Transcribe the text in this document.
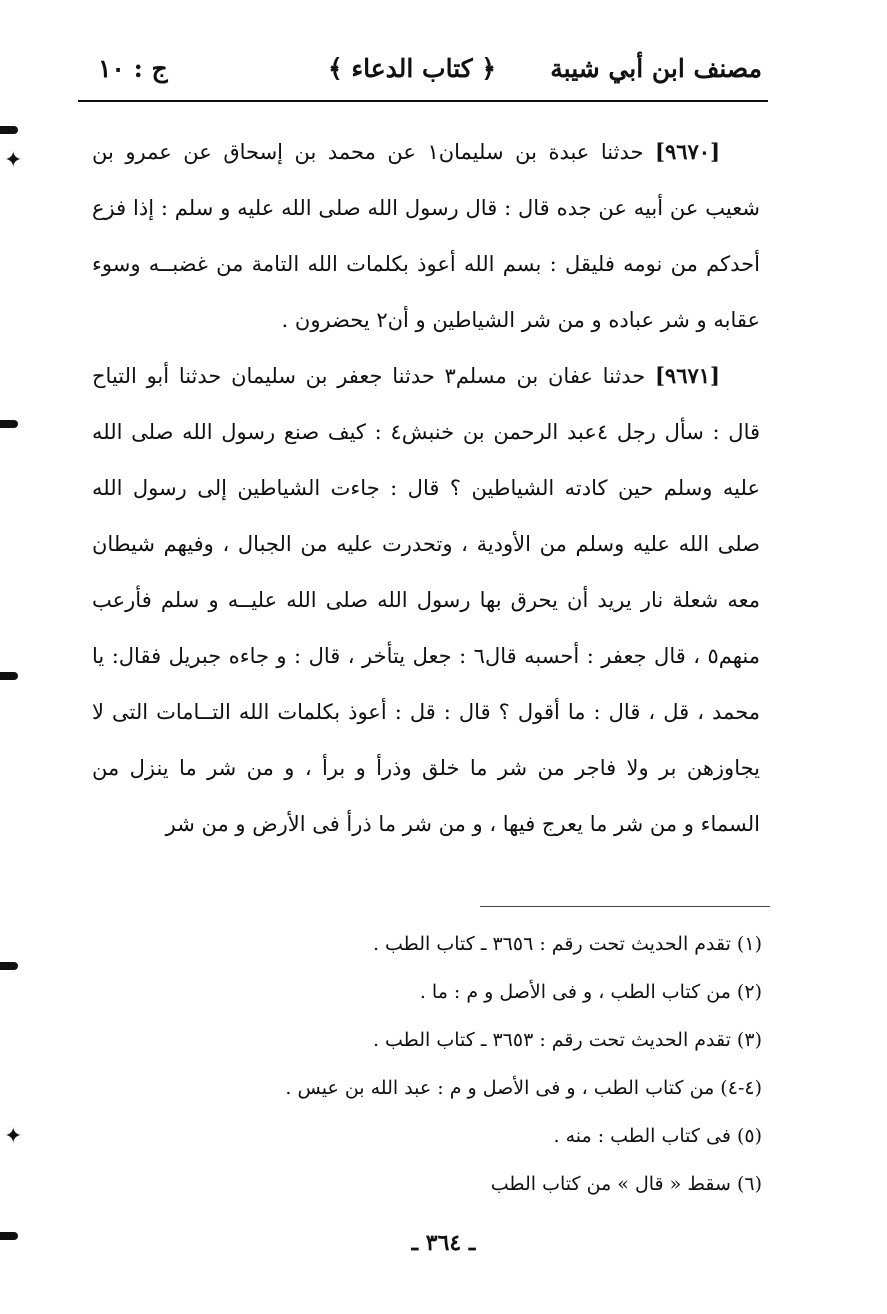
مصنف ابن أبي شيبة
﴿ كتاب الدعاء ﴾
ج : ١٠

[٩٦٧٠] حدثنا عبدة بن سليمان١ عن محمد بن إسحاق عن عمرو بن شعيب عن أبيه عن جده قال : قال رسول الله صلى الله عليه و سلم : إذا فزع أحدكم من نومه فليقل : بسم الله أعوذ بكلمات الله التامة من غضبــه وسوء عقابه و شر عباده و من شر الشياطين و أن٢ يحضرون .

[٩٦٧١] حدثنا عفان بن مسلم٣ حدثنا جعفر بن سليمان حدثنا أبو التياح قال : سأل رجل ٤عبد الرحمن بن خنبش٤ : كيف صنع رسول الله صلى الله عليه وسلم حين كادته الشياطين ؟ قال : جاءت الشياطين إلى رسول الله صلى الله عليه وسلم من الأودية ، وتحدرت عليه من الجبال ، وفيهم شيطان معه شعلة نار يريد أن يحرق بها رسول الله صلى الله عليــه و سلم فأرعب منهم٥ ، قال جعفر : أحسبه قال٦ : جعل يتأخر ، قال : و جاءه جبريل فقال: يا محمد ، قل ، قال : ما أقول ؟ قال : قل : أعوذ بكلمات الله التــامات التى لا يجاوزهن بر ولا فاجر من شر ما خلق وذرأ و برأ ، و من شر ما ينزل من السماء و من شر ما يعرج فيها ، و من شر ما ذرأ فى الأرض و من شر

(١) تقدم الحديث تحت رقم : ٣٦٥٦ ـ كتاب الطب .
(٢) من كتاب الطب ، و فى الأصل و م : ما .
(٣) تقدم الحديث تحت رقم : ٣٦٥٣ ـ كتاب الطب .
(٤-٤) من كتاب الطب ، و فى الأصل و م : عبد الله بن عيس .
(٥) فى كتاب الطب : منه .
(٦) سقط « قال » من كتاب الطب
ـ ٣٦٤ ـ
✦
✦
